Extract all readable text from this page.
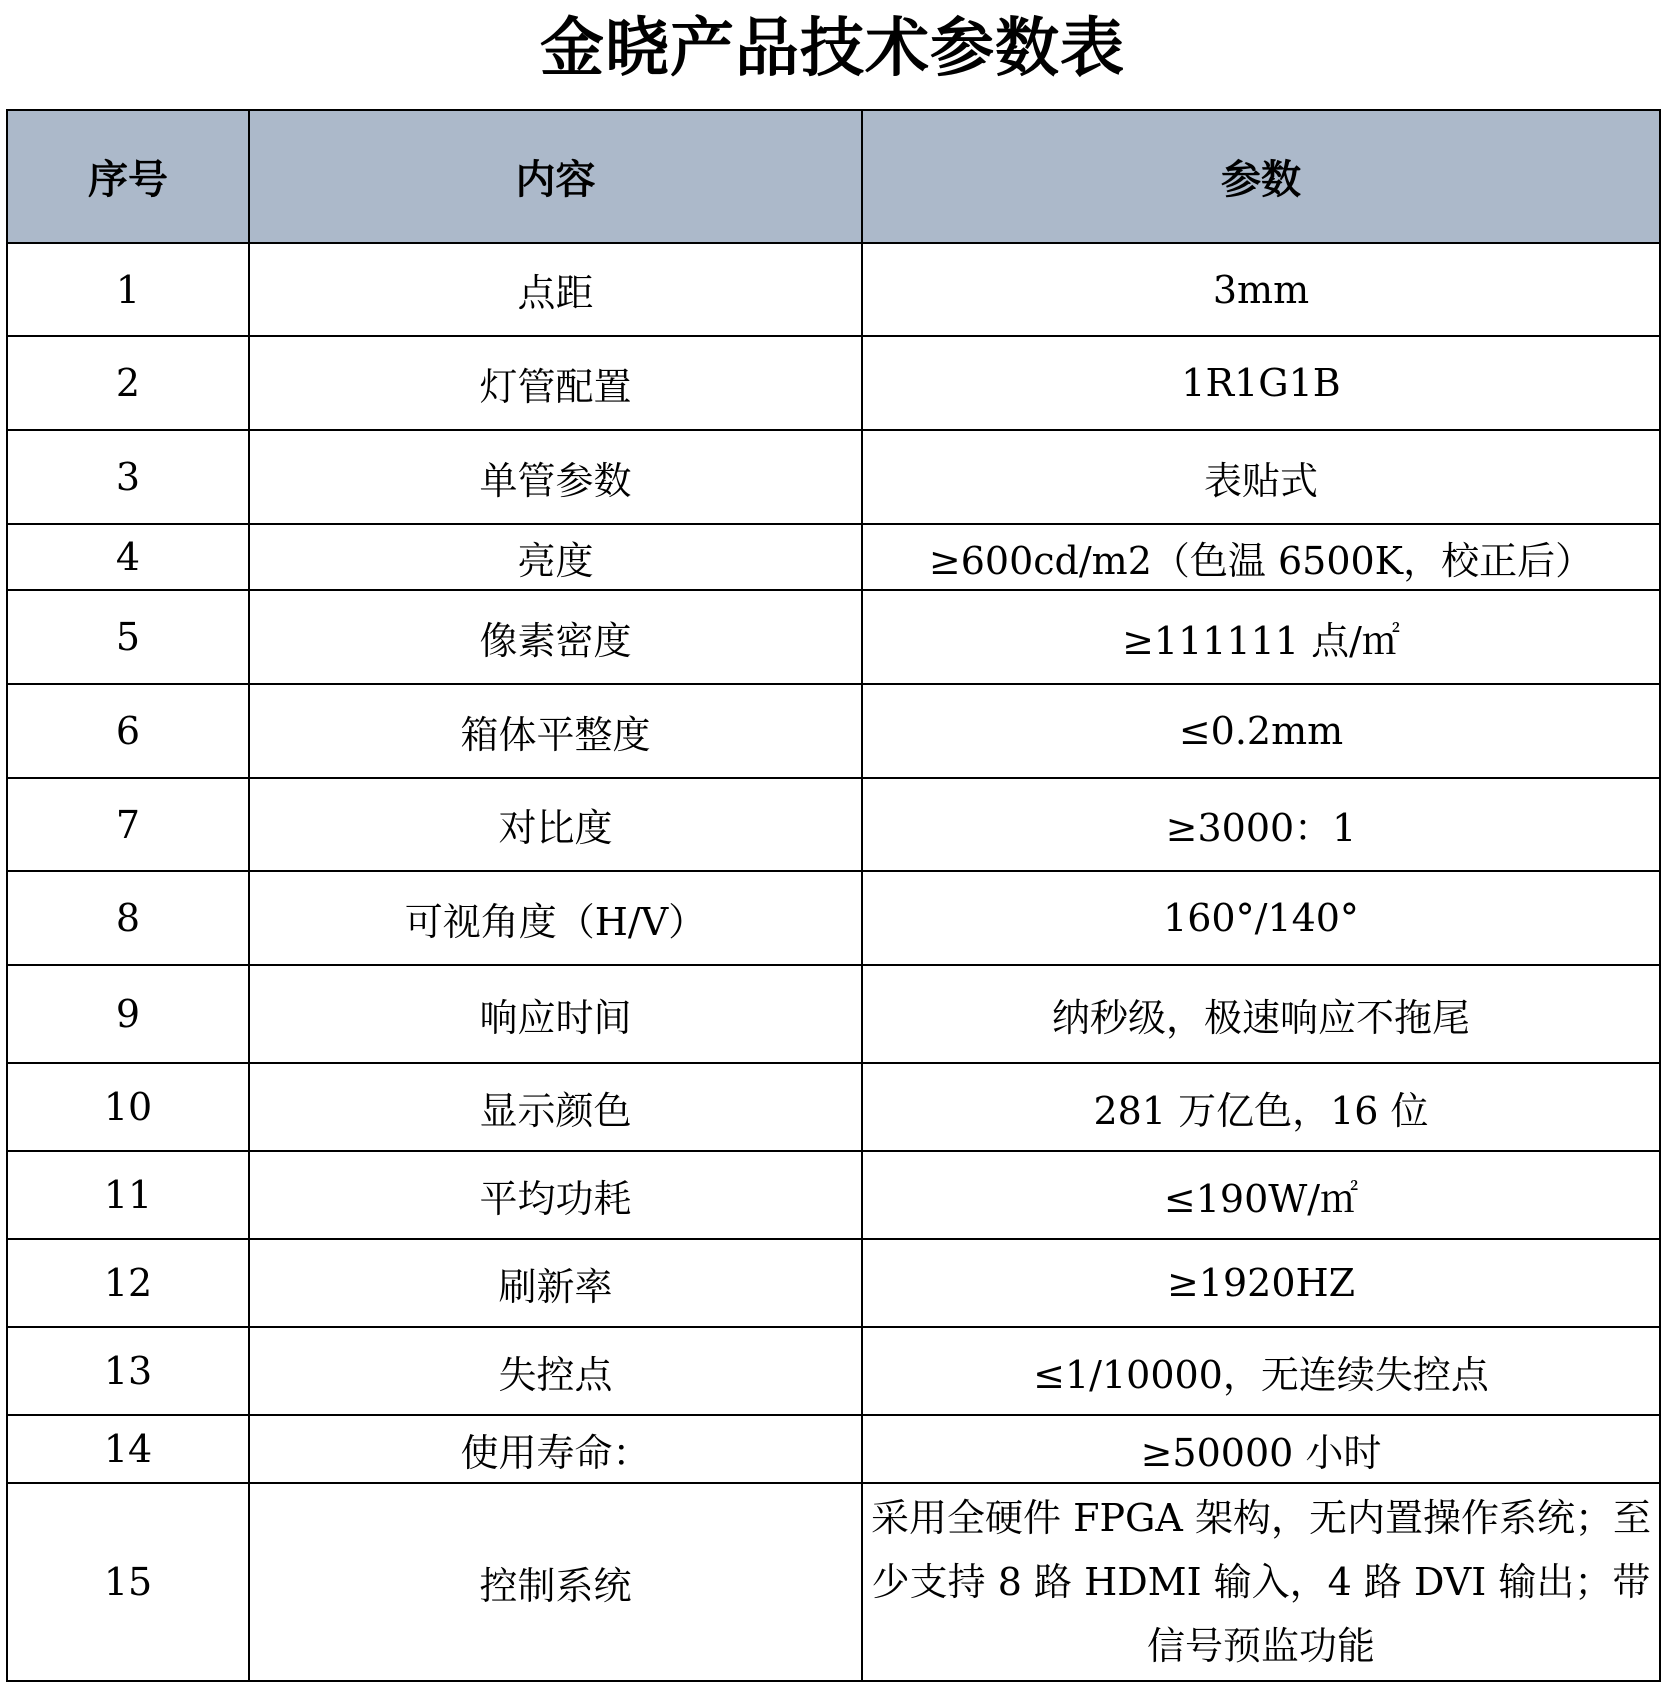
金晓产品技术参数表
序号	内容	参数
1	点距	3mm
2	灯管配置	1R1G1B
3	单管参数	表贴式
4	亮度	≥600cd/m2（色温 6500K，校正后）
5	像素密度	≥111111 点/㎡
6	箱体平整度	≤0.2mm
7	对比度	≥3000：1
8	可视角度（H/V）	160°/140°
9	响应时间	纳秒级，极速响应不拖尾
10	显示颜色	281 万亿色，16 位
11	平均功耗	≤190W/㎡
12	刷新率	≥1920HZ
13	失控点	≤1/10000，无连续失控点
14	使用寿命：	≥50000 小时
15	控制系统	采用全硬件 FPGA 架构，无内置操作系统；至少支持 8 路 HDMI 输入，4 路 DVI 输出；带信号预监功能
